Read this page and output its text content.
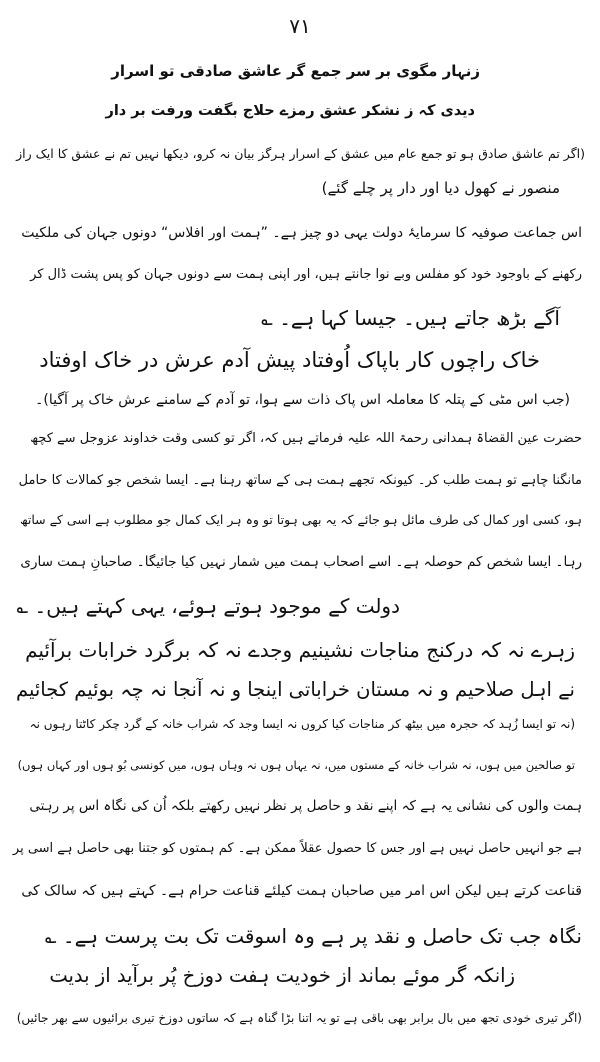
۷۱
زنہار مگوی بر سر جمع گر عاشق صادقی تو اسرار
دیدی کہ ز نشکر عشق رمزے حلاج بگفت ورفت بر دار
(اگر تم عاشق صادق ہو تو جمع عام میں عشق کے اسرار ہرگز بیان نہ کرو، دیکھا نہیں تم نے عشق کا ایک راز
منصور نے کھول دیا اور دار پر چلے گئے)
اس جماعت صوفیہ کا سرمایۂ دولت یہی دو چیز ہے۔ ”ہمت اور افلاس“ دونوں جہان کی ملکیت
رکھنے کے باوجود خود کو مفلس وبے نوا جانتے ہیں، اور اپنی ہمت سے دونوں جہان کو پس پشت ڈال کر
آگے بڑھ جاتے ہیں۔ جیسا کہا ہے۔ ؎
خاک راچوں کار باپاک اُوفتاد پیش آدم عرش در خاک اوفتاد
(جب اس مٹی کے پتلہ کا معاملہ اس پاک ذات سے ہوا، تو آدم کے سامنے عرش خاک پر آگیا)۔
حضرت عین القضاۃ ہمدانی رحمۃ اللہ علیہ فرماتے ہیں کہ، اگر تو کسی وقت خداوند عزوجل سے کچھ
مانگنا چاہے تو ہمت طلب کر۔ کیونکہ تجھے ہمت ہی کے ساتھ رہنا ہے۔ ایسا شخص جو کمالات کا حامل
ہو، کسی اور کمال کی طرف مائل ہو جائے کہ یہ بھی ہوتا تو وہ ہر ایک کمال جو مطلوب ہے اسی کے ساتھ
رہا۔ ایسا شخص کم حوصلہ ہے۔ اسے اصحاب ہمت میں شمار نہیں کیا جائیگا۔ صاحبانِ ہمت ساری
دولت کے موجود ہوتے ہوئے، یہی کہتے ہیں۔ ؎
زہرے نہ کہ درکنج مناجات نشینیم وجدے نہ کہ برگرد خرابات برآئیم
نے اہل صلاحیم و نہ مستان خراباتی اینجا و نہ آنجا نہ چہ بوئیم کجائیم
(نہ تو ایسا زُہد کہ حجرہ میں بیٹھ کر مناجات کیا کروں نہ ایسا وجد کہ شراب خانہ کے گرد چکر کاٹتا رہوں نہ
تو صالحین میں ہوں، نہ شراب خانہ کے مستوں میں، نہ یہاں ہوں نہ وہاں ہوں، میں کونسی بُو ہوں اور کہاں ہوں)
ہمت والوں کی نشانی یہ ہے کہ اپنے نقد و حاصل پر نظر نہیں رکھتے بلکہ اُن کی نگاہ اس پر رہتی
ہے جو انہیں حاصل نہیں ہے اور جس کا حصول عقلاً ممکن ہے۔ کم ہمتوں کو جتنا بھی حاصل ہے اسی پر
قناعت کرتے ہیں لیکن اس امر میں صاحبان ہمت کیلئے قناعت حرام ہے۔ کہتے ہیں کہ سالک کی
نگاہ جب تک حاصل و نقد پر ہے وہ اسوقت تک بت پرست ہے۔ ؎
زانکہ گر موئے بماند از خودیت ہفت دوزخ پُر برآید از بدیت
(اگر تیری خودی تجھ میں بال برابر بھی باقی ہے تو یہ اتنا بڑا گناہ ہے کہ ساتوں دوزخ تیری برائیوں سے بھر جائیں)
